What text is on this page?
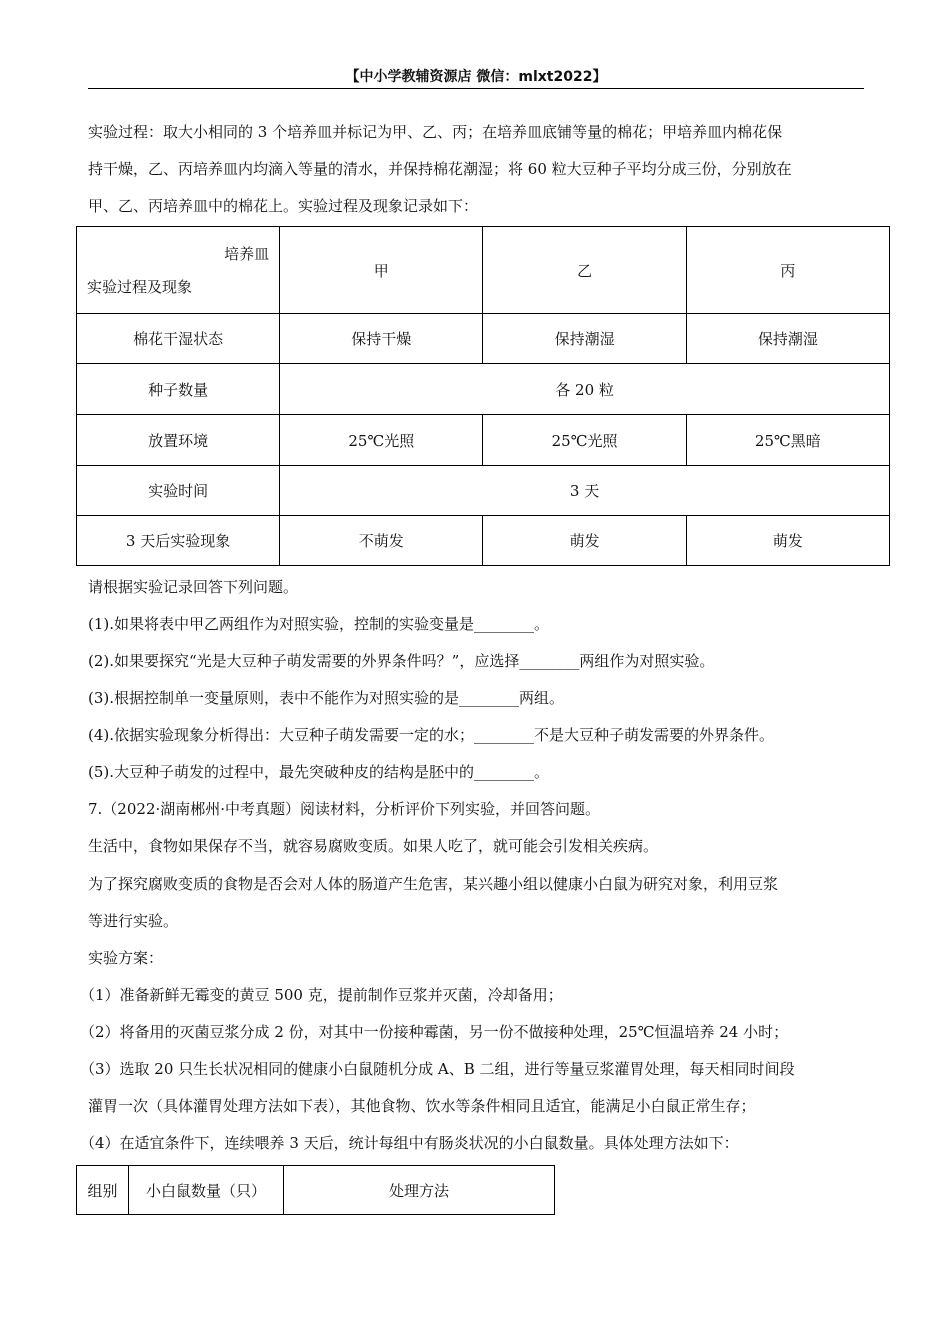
【中小学教辅资源店 微信：mlxt2022】
实验过程：取大小相同的 3 个培养皿并标记为甲、乙、丙；在培养皿底铺等量的棉花；甲培养皿内棉花保
持干燥，乙、丙培养皿内均滴入等量的清水，并保持棉花潮湿；将 60 粒大豆种子平均分成三份，分别放在
甲、乙、丙培养皿中的棉花上。实验过程及现象记录如下：
培养皿
实验过程及现象	甲	乙	丙
棉花干湿状态	保持干燥	保持潮湿	保持潮湿
种子数量	各 20 粒		
放置环境	25℃光照	25℃光照	25℃黑暗
实验时间	3 天		
3 天后实验现象	不萌发	萌发	萌发
请根据实验记录回答下列问题。
(1).如果将表中甲乙两组作为对照实验，控制的实验变量是________。
(2).如果要探究“光是大豆种子萌发需要的外界条件吗？”，应选择________两组作为对照实验。
(3).根据控制单一变量原则，表中不能作为对照实验的是________两组。
(4).依据实验现象分析得出：大豆种子萌发需要一定的水；________不是大豆种子萌发需要的外界条件。
(5).大豆种子萌发的过程中，最先突破种皮的结构是胚中的________。
7.（2022·湖南郴州·中考真题）阅读材料，分析评价下列实验，并回答问题。
生活中，食物如果保存不当，就容易腐败变质。如果人吃了，就可能会引发相关疾病。
为了探究腐败变质的食物是否会对人体的肠道产生危害，某兴趣小组以健康小白鼠为研究对象，利用豆浆
等进行实验。
实验方案：
（1）准备新鲜无霉变的黄豆 500 克，提前制作豆浆并灭菌，冷却备用；
（2）将备用的灭菌豆浆分成 2 份，对其中一份接种霉菌，另一份不做接种处理，25℃恒温培养 24 小时；
（3）选取 20 只生长状况相同的健康小白鼠随机分成 A、B 二组，进行等量豆浆灌胃处理，每天相同时间段
灌胃一次（具体灌胃处理方法如下表），其他食物、饮水等条件相同且适宜，能满足小白鼠正常生存；
（4）在适宜条件下，连续喂养 3 天后，统计每组中有肠炎状况的小白鼠数量。具体处理方法如下：
组别	小白鼠数量（只）	处理方法
